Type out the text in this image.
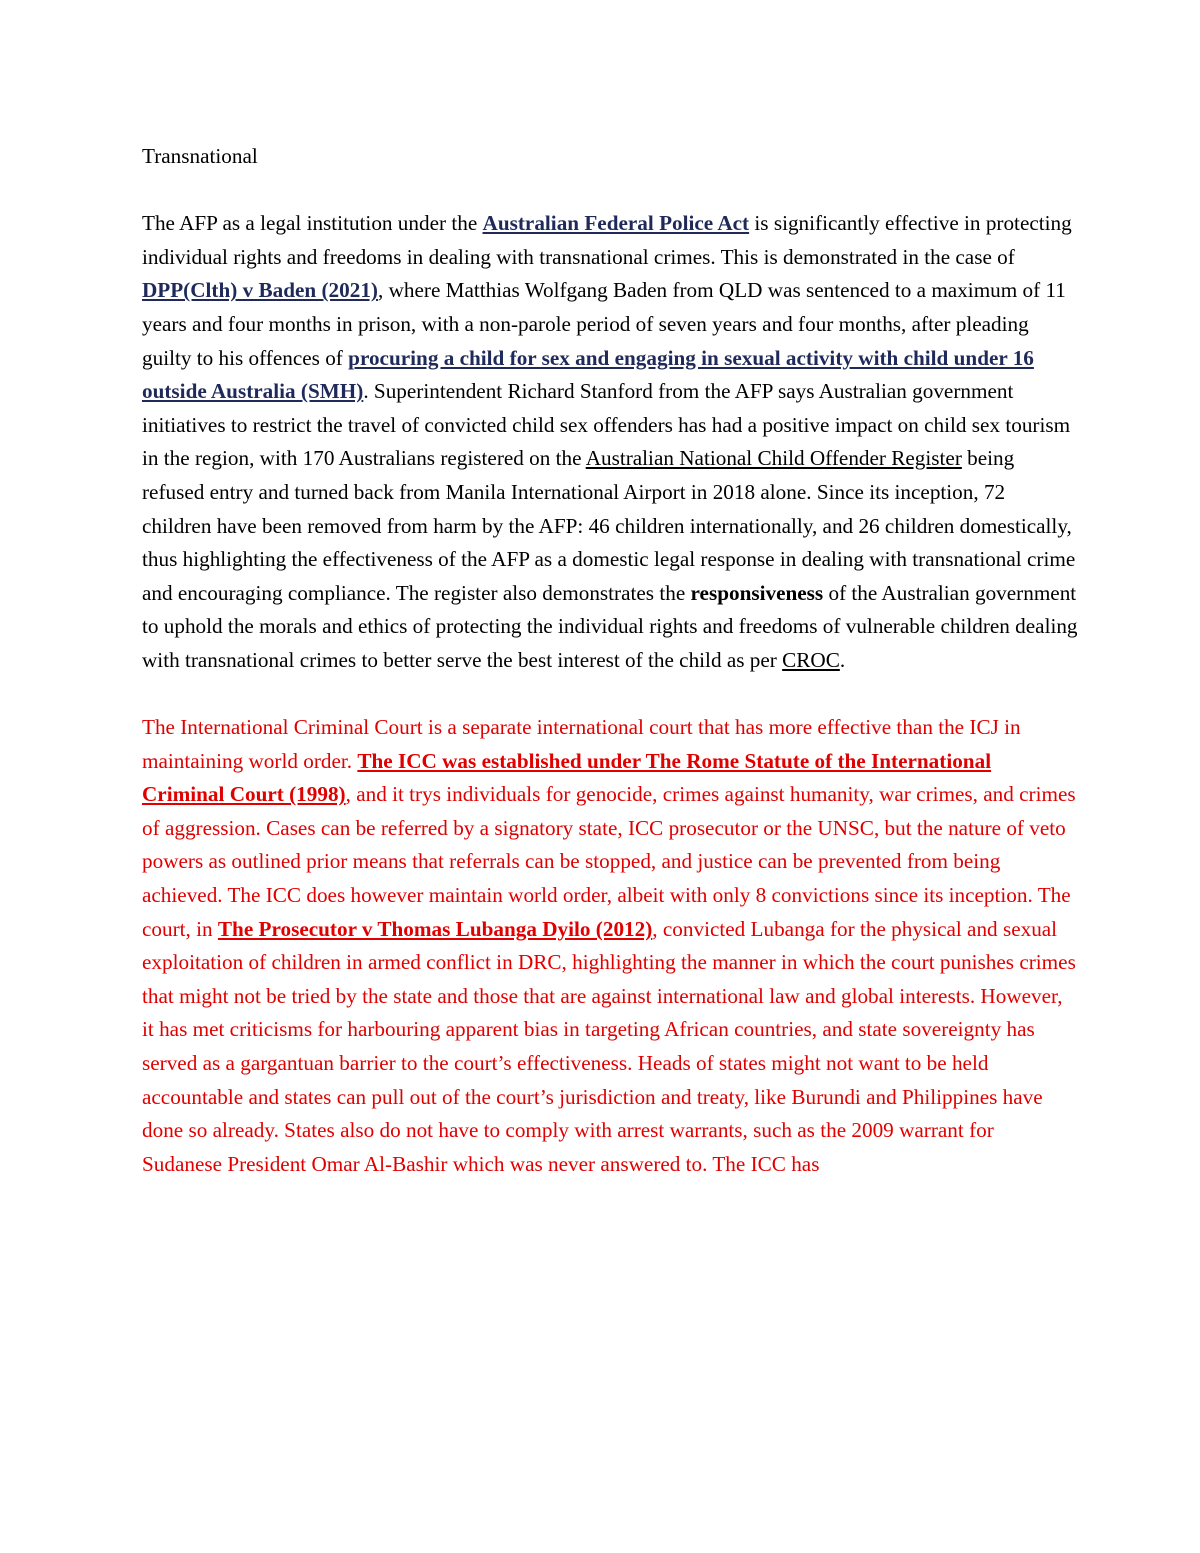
Transnational

The AFP as a legal institution under the Australian Federal Police Act is significantly effective in protecting individual rights and freedoms in dealing with transnational crimes. This is demonstrated in the case of DPP(Clth) v Baden (2021), where Matthias Wolfgang Baden from QLD was sentenced to a maximum of 11 years and four months in prison, with a non-parole period of seven years and four months, after pleading guilty to his offences of procuring a child for sex and engaging in sexual activity with child under 16 outside Australia (SMH). Superintendent Richard Stanford from the AFP says Australian government initiatives to restrict the travel of convicted child sex offenders has had a positive impact on child sex tourism in the region, with 170 Australians registered on the Australian National Child Offender Register being refused entry and turned back from Manila International Airport in 2018 alone. Since its inception, 72 children have been removed from harm by the AFP: 46 children internationally, and 26 children domestically, thus highlighting the effectiveness of the AFP as a domestic legal response in dealing with transnational crime and encouraging compliance. The register also demonstrates the responsiveness of the Australian government to uphold the morals and ethics of protecting the individual rights and freedoms of vulnerable children dealing with transnational crimes to better serve the best interest of the child as per CROC.

The International Criminal Court is a separate international court that has more effective than the ICJ in maintaining world order. The ICC was established under The Rome Statute of the International Criminal Court (1998), and it trys individuals for genocide, crimes against humanity, war crimes, and crimes of aggression. Cases can be referred by a signatory state, ICC prosecutor or the UNSC, but the nature of veto powers as outlined prior means that referrals can be stopped, and justice can be prevented from being achieved. The ICC does however maintain world order, albeit with only 8 convictions since its inception. The court, in The Prosecutor v Thomas Lubanga Dyilo (2012), convicted Lubanga for the physical and sexual exploitation of children in armed conflict in DRC, highlighting the manner in which the court punishes crimes that might not be tried by the state and those that are against international law and global interests. However, it has met criticisms for harbouring apparent bias in targeting African countries, and state sovereignty has served as a gargantuan barrier to the court’s effectiveness. Heads of states might not want to be held accountable and states can pull out of the court’s jurisdiction and treaty, like Burundi and Philippines have done so already. States also do not have to comply with arrest warrants, such as the 2009 warrant for Sudanese President Omar Al-Bashir which was never answered to. The ICC has
